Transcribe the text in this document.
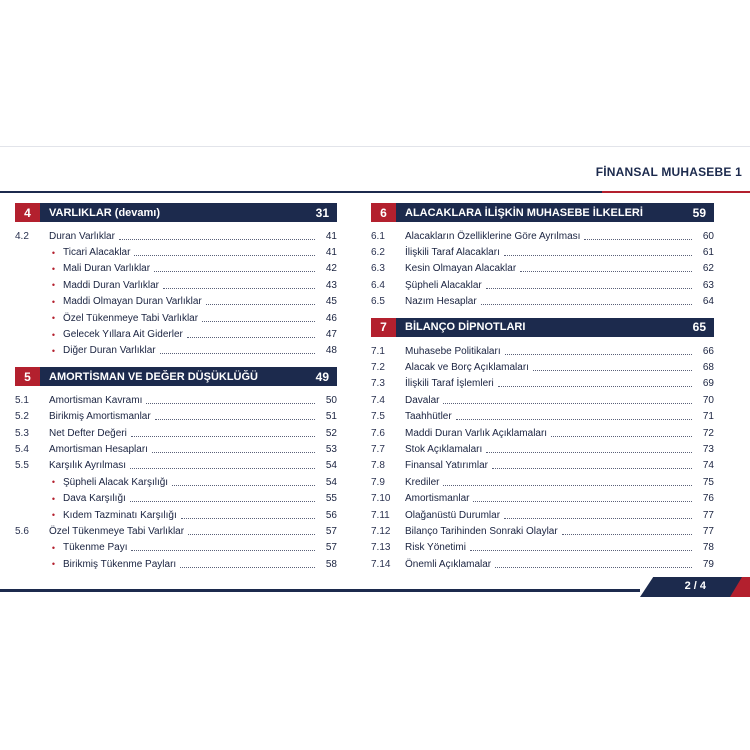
FİNANSAL MUHASEBE 1
4	VARLIKLAR (devamı)	31
4.2	Duran Varlıklar	41
• Ticari Alacaklar	41
• Mali Duran Varlıklar	42
• Maddi Duran Varlıklar	43
• Maddi Olmayan Duran Varlıklar	45
• Özel Tükenmeye Tabi Varlıklar	46
• Gelecek Yıllara Ait Giderler	47
• Diğer Duran Varlıklar	48
5	AMORTİSMAN VE DEĞER DÜŞÜKLÜĞÜ	49
5.1	Amortisman Kavramı	50
5.2	Birikmiş Amortismanlar	51
5.3	Net Defter Değeri	52
5.4	Amortisman Hesapları	53
5.5	Karşılık Ayrılması	54
• Şüpheli Alacak Karşılığı	54
• Dava Karşılığı	55
• Kıdem Tazminatı Karşılığı	56
5.6	Özel Tükenmeye Tabi Varlıklar	57
• Tükenme Payı	57
• Birikmiş Tükenme Payları	58
6	ALACAKLARA İLİŞKİN MUHASEBE İLKELERİ	59
6.1	Alacakların Özelliklerine Göre Ayrılması	60
6.2	İlişkili Taraf Alacakları	61
6.3	Kesin Olmayan Alacaklar	62
6.4	Şüpheli Alacaklar	63
6.5	Nazım Hesaplar	64
7	BİLANÇO DİPNOTLARI	65
7.1	Muhasebe Politikaları	66
7.2	Alacak ve Borç Açıklamaları	68
7.3	İlişkili Taraf İşlemleri	69
7.4	Davalar	70
7.5	Taahhütler	71
7.6	Maddi Duran Varlık Açıklamaları	72
7.7	Stok Açıklamaları	73
7.8	Finansal Yatırımlar	74
7.9	Krediler	75
7.10	Amortismanlar	76
7.11	Olağanüstü Durumlar	77
7.12	Bilanço Tarihinden Sonraki Olaylar	77
7.13	Risk Yönetimi	78
7.14	Önemli Açıklamalar	79
2 / 4
